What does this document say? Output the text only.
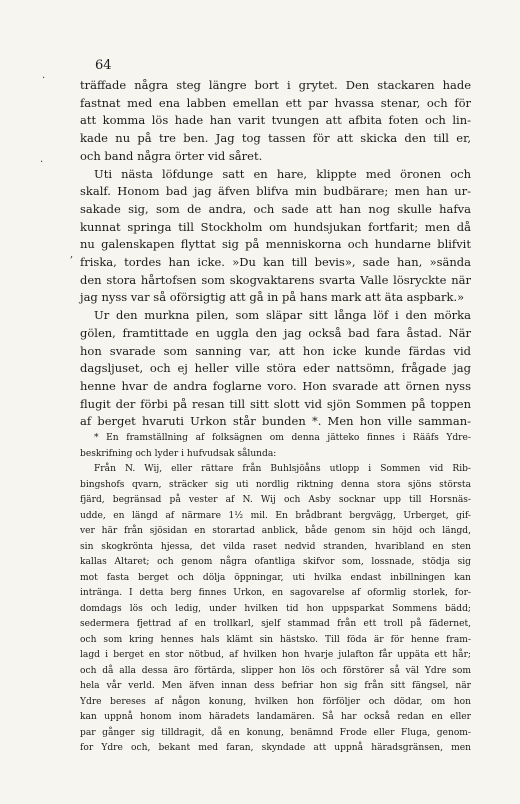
64
.
.
,
träffade några steg längre bort i grytet. Den stackaren hade
fastnat med ena labben emellan ett par hvassa stenar, och för
att komma lös hade han varit tvungen att afbita foten och lin-
kade nu på tre ben. Jag tog tassen för att skicka den till er,
och band några örter vid såret.
Uti nästa löfdunge satt en hare, klippte med öronen och
skalf. Honom bad jag äfven blifva min budbärare; men han ur-
sakade sig, som de andra, och sade att han nog skulle hafva
kunnat springa till Stockholm om hundsjukan fortfarit; men då
nu galenskapen flyttat sig på menniskorna och hundarne blifvit
friska, tordes han icke. »Du kan till bevis», sade han, »sända
den stora hårtofsen som skogvaktarens svarta Valle lösryckte när
jag nyss var så oförsigtig att gå in på hans mark att äta aspbark.»
Ur den murkna pilen, som släpar sitt långa löf i den mörka
gölen, framtittade en uggla den jag också bad fara åstad. När
hon svarade som sanning var, att hon icke kunde färdas vid
dagsljuset, och ej heller ville störa eder nattsömn, frågade jag
henne hvar de andra foglarne voro. Hon svarade att örnen nyss
flugit der förbi på resan till sitt slott vid sjön Sommen på toppen
af berget hvaruti Urkon står bunden *. Men hon ville samman-
* En framställning af folksägnen om denna jätteko finnes i Rääfs Ydre-
beskrifning och lyder i hufvudsak sålunda:
Från N. Wij, eller rättare från Buhlsjöåns utlopp i Sommen vid Rib-
bingshofs qvarn, sträcker sig uti nordlig riktning denna stora sjöns största
fjärd, begränsad på vester af N. Wij och Asby socknar upp till Horsnäs-
udde, en längd af närmare 1½ mil. En brådbrant bergvägg, Urberget, gif-
ver här från sjösidan en storartad anblick, både genom sin höjd och längd,
sin skogkrönta hjessa, det vilda raset nedvid stranden, hvaribland en sten
kallas Altaret; och genom några ofantliga skifvor som, lossnade, stödja sig
mot fasta berget och dölja öppningar, uti hvilka endast inbillningen kan
inträngа. I detta berg finnes Urkon, en sagovarelse af oformlig storlek, for-
domdags lös och ledig, under hvilken tid hon uppsparkat Sommens bädd;
sedermera fjettrad af en trollkarl, sjelf stammad från ett troll på fädernet,
och som kring hennes hals klämt sin hästsko. Till föda är för henne fram-
lagd i berget en stor nötbud, af hvilken hon hvarje julafton får uppäta ett hår;
och då alla dessa äro förtärda, slipper hon lös och förstörer så väl Ydre som
hela vår verld. Men äfven innan dess befriar hon sig från sitt fängsel, när
Ydre bereses af någon konung, hvilken hon förföljer och dödar, om hon
kan uppnå honom inom häradets landamären. Så har också redan en eller
par gånger sig tilldragit, då en konung, benämnd Frode eller Fluga, genom-
for Ydre och, bekant med faran, skyndade att uppnå häradsgränsen, men
